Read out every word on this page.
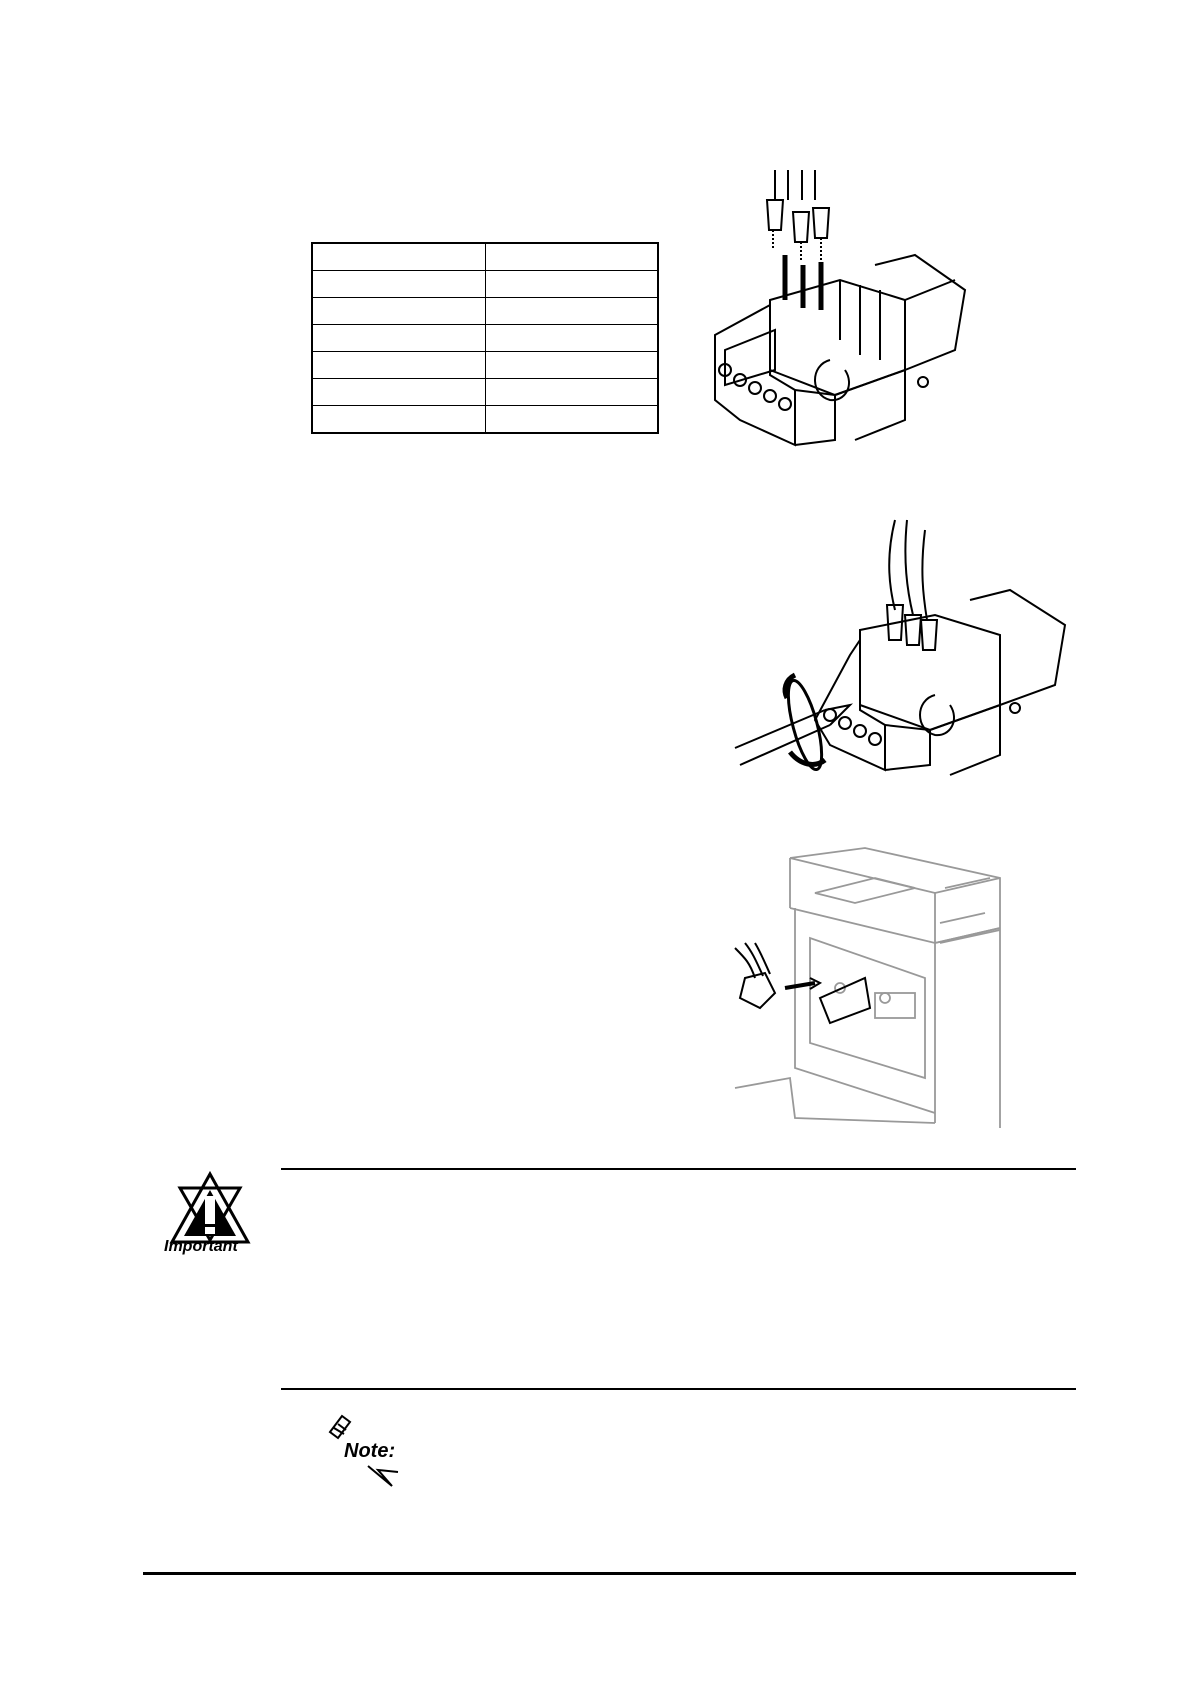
Important
Note:
